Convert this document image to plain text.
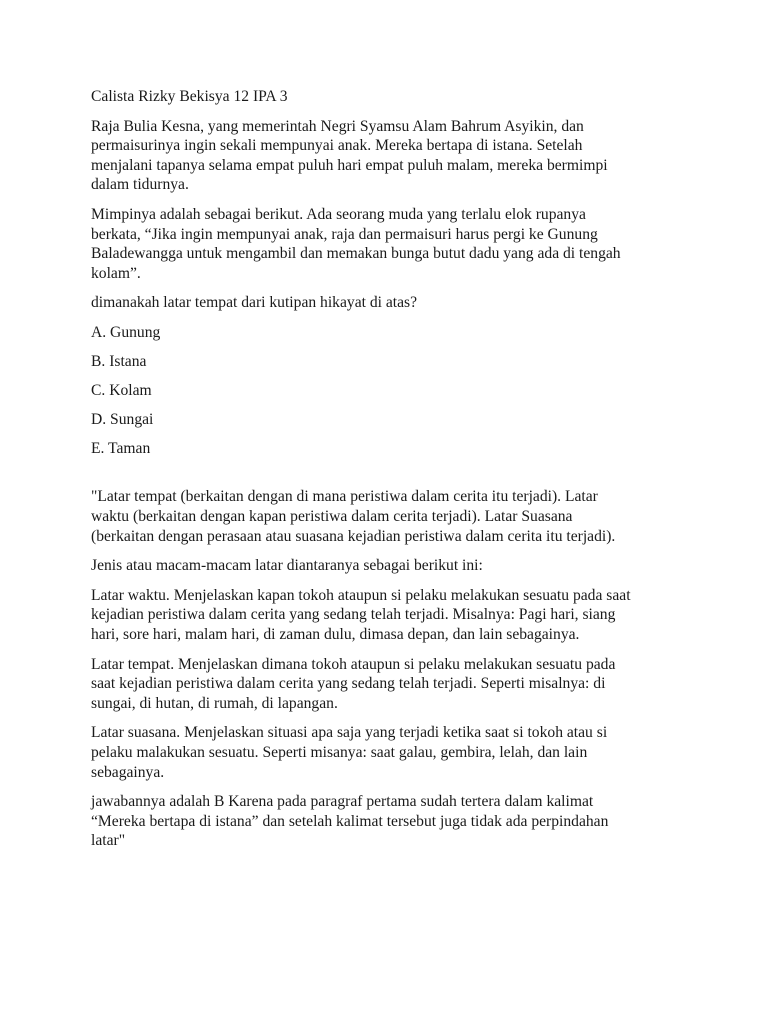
Calista Rizky Bekisya 12 IPA 3

Raja Bulia Kesna, yang memerintah Negri Syamsu Alam Bahrum Asyikin, dan
permaisurinya ingin sekali mempunyai anak. Mereka bertapa di istana. Setelah
menjalani tapanya selama empat puluh hari empat puluh malam, mereka bermimpi
dalam tidurnya.

Mimpinya adalah sebagai berikut. Ada seorang muda yang terlalu elok rupanya
berkata, “Jika ingin mempunyai anak, raja dan permaisuri harus pergi ke Gunung
Baladewangga untuk mengambil dan memakan bunga butut dadu yang ada di tengah
kolam”.

dimanakah latar tempat dari kutipan hikayat di atas?

A. Gunung

B. Istana

C. Kolam

D. Sungai

E. Taman

"Latar tempat (berkaitan dengan di mana peristiwa dalam cerita itu terjadi). Latar
waktu (berkaitan dengan kapan peristiwa dalam cerita terjadi). Latar Suasana
(berkaitan dengan perasaan atau suasana kejadian peristiwa dalam cerita itu terjadi).

Jenis atau macam-macam latar diantaranya sebagai berikut ini:

Latar waktu. Menjelaskan kapan tokoh ataupun si pelaku melakukan sesuatu pada saat
kejadian peristiwa dalam cerita yang sedang telah terjadi. Misalnya: Pagi hari, siang
hari, sore hari, malam hari, di zaman dulu, dimasa depan, dan lain sebagainya.

Latar tempat. Menjelaskan dimana tokoh ataupun si pelaku melakukan sesuatu pada
saat kejadian peristiwa dalam cerita yang sedang telah terjadi. Seperti misalnya: di
sungai, di hutan, di rumah, di lapangan.

Latar suasana. Menjelaskan situasi apa saja yang terjadi ketika saat si tokoh atau si
pelaku malakukan sesuatu. Seperti misanya: saat galau, gembira, lelah, dan lain
sebagainya.

jawabannya adalah B Karena pada paragraf pertama sudah tertera dalam kalimat
“Mereka bertapa di istana” dan setelah kalimat tersebut juga tidak ada perpindahan
latar"
